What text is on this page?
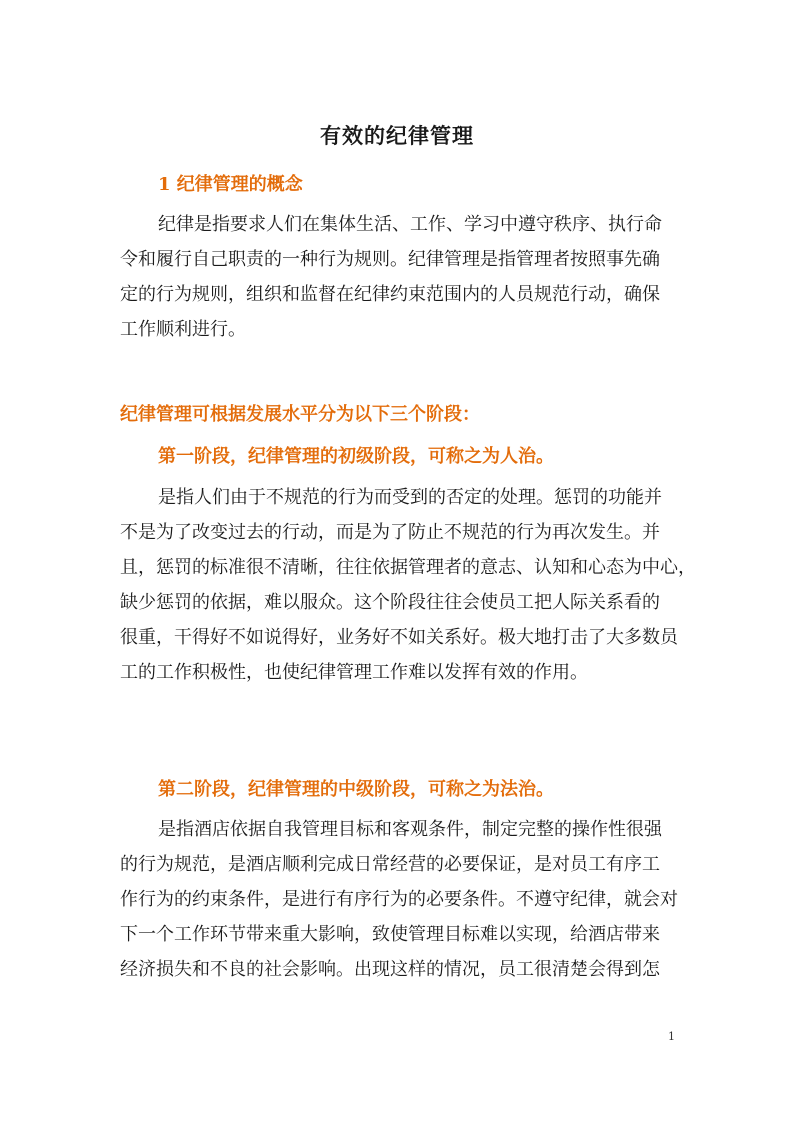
有效的纪律管理
1 纪律管理的概念
纪律是指要求人们在集体生活、工作、学习中遵守秩序、执行命
令和履行自己职责的一种行为规则。纪律管理是指管理者按照事先确
定的行为规则，组织和监督在纪律约束范围内的人员规范行动，确保
工作顺利进行。
纪律管理可根据发展水平分为以下三个阶段：
第一阶段，纪律管理的初级阶段，可称之为人治。
是指人们由于不规范的行为而受到的否定的处理。惩罚的功能并
不是为了改变过去的行动，而是为了防止不规范的行为再次发生。并
且，惩罚的标准很不清晰，往往依据管理者的意志、认知和心态为中心，
缺少惩罚的依据，难以服众。这个阶段往往会使员工把人际关系看的
很重，干得好不如说得好，业务好不如关系好。极大地打击了大多数员
工的工作积极性，也使纪律管理工作难以发挥有效的作用。
第二阶段，纪律管理的中级阶段，可称之为法治。
是指酒店依据自我管理目标和客观条件，制定完整的操作性很强
的行为规范，是酒店顺利完成日常经营的必要保证，是对员工有序工
作行为的约束条件，是进行有序行为的必要条件。不遵守纪律，就会对
下一个工作环节带来重大影响，致使管理目标难以实现，给酒店带来
经济损失和不良的社会影响。出现这样的情况，员工很清楚会得到怎
1
